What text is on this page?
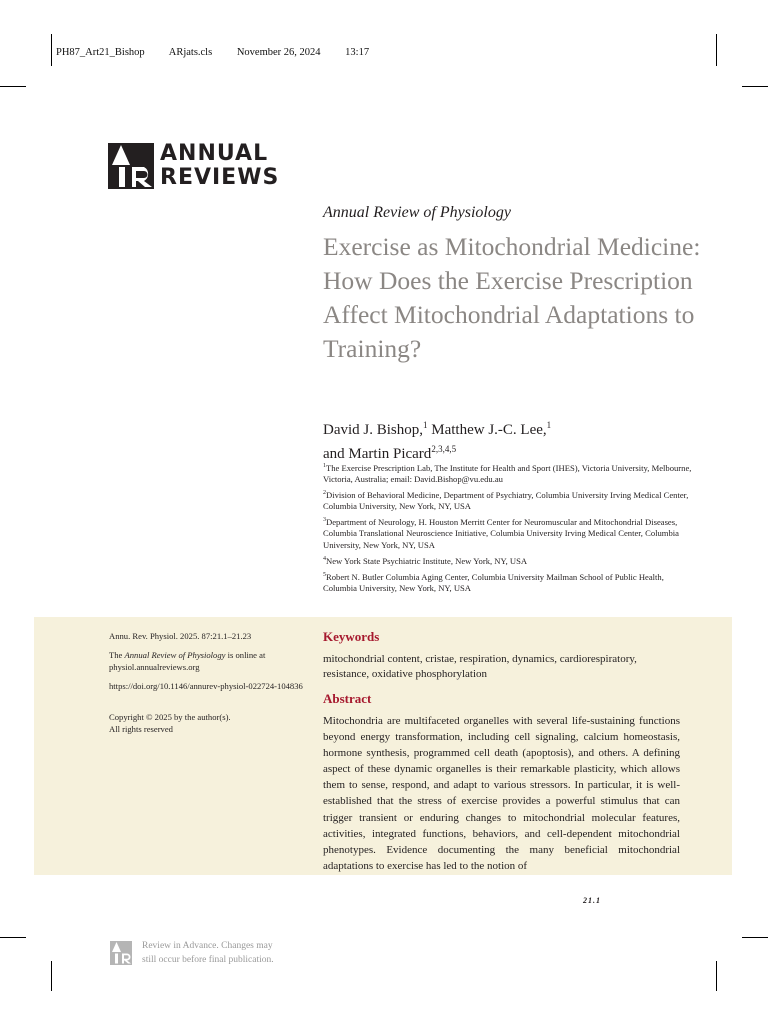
PH87_Art21_Bishop ARjats.cls November 26, 2024 13:17
ANNUAL
REVIEWS
Annual Review of Physiology
Exercise as Mitochondrial Medicine: How Does the Exercise Prescription Affect Mitochondrial Adaptations to Training?
David J. Bishop,$^1$ Matthew J.-C. Lee,$^1$
and Martin Picard$^{2,3,4,5}$
$^1$The Exercise Prescription Lab, The Institute for Health and Sport (IHES), Victoria University, Melbourne, Victoria, Australia; email: David.Bishop@vu.edu.au
$^2$Division of Behavioral Medicine, Department of Psychiatry, Columbia University Irving Medical Center, Columbia University, New York, NY, USA
$^3$Department of Neurology, H. Houston Merritt Center for Neuromuscular and Mitochondrial Diseases, Columbia Translational Neuroscience Initiative, Columbia University Irving Medical Center, Columbia University, New York, NY, USA
$^4$New York State Psychiatric Institute, New York, NY, USA
$^5$Robert N. Butler Columbia Aging Center, Columbia University Mailman School of Public Health, Columbia University, New York, NY, USA
Annu. Rev. Physiol. 2025. 87:21.1–21.23
The Annual Review of Physiology is online at physiol.annualreviews.org
https://doi.org/10.1146/annurev-physiol-022724-104836
Copyright © 2025 by the author(s).
All rights reserved
Keywords
mitochondrial content, cristae, respiration, dynamics, cardiorespiratory, resistance, oxidative phosphorylation
Abstract
Mitochondria are multifaceted organelles with several life-sustaining functions beyond energy transformation, including cell signaling, calcium homeostasis, hormone synthesis, programmed cell death (apoptosis), and others. A defining aspect of these dynamic organelles is their remarkable plasticity, which allows them to sense, respond, and adapt to various stressors. In particular, it is well-established that the stress of exercise provides a powerful stimulus that can trigger transient or enduring changes to mitochondrial molecular features, activities, integrated functions, behaviors, and cell-dependent mitochondrial phenotypes. Evidence documenting the many beneficial mitochondrial adaptations to exercise has led to the notion of
21.1
Review in Advance. Changes may
still occur before final publication.
